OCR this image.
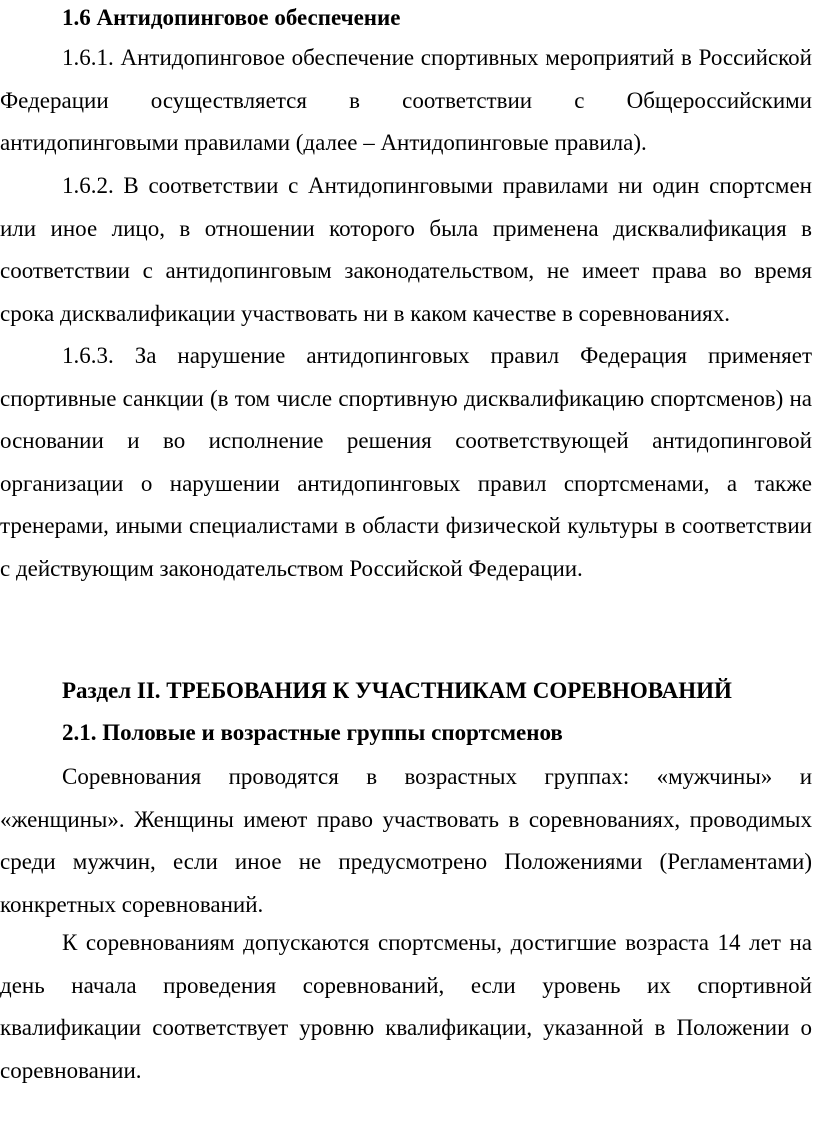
1.6 Антидопинговое обеспечение

1.6.1. Антидопинговое обеспечение спортивных мероприятий в Российской Федерации осуществляется в соответствии с Общероссийскими антидопинговыми правилами (далее – Антидопинговые правила).

1.6.2. В соответствии с Антидопинговыми правилами ни один спортсмен или иное лицо, в отношении которого была применена дисквалификация в соответствии с антидопинговым законодательством, не имеет права во время срока дисквалификации участвовать ни в каком качестве в соревнованиях.

1.6.3. За нарушение антидопинговых правил Федерация применяет спортивные санкции (в том числе спортивную дисквалификацию спортсменов) на основании и во исполнение решения соответствующей антидопинговой организации о нарушении антидопинговых правил спортсменами, а также тренерами, иными специалистами в области физической культуры в соответствии с действующим законодательством Российской Федерации.

Раздел II. ТРЕБОВАНИЯ К УЧАСТНИКАМ СОРЕВНОВАНИЙ
2.1. Половые и возрастные группы спортсменов

Соревнования проводятся в возрастных группах: «мужчины» и «женщины». Женщины имеют право участвовать в соревнованиях, проводимых среди мужчин, если иное не предусмотрено Положениями (Регламентами) конкретных соревнований.

К соревнованиям допускаются спортсмены, достигшие возраста 14 лет на день начала проведения соревнований, если уровень их спортивной квалификации соответствует уровню квалификации, указанной в Положении о соревновании.
